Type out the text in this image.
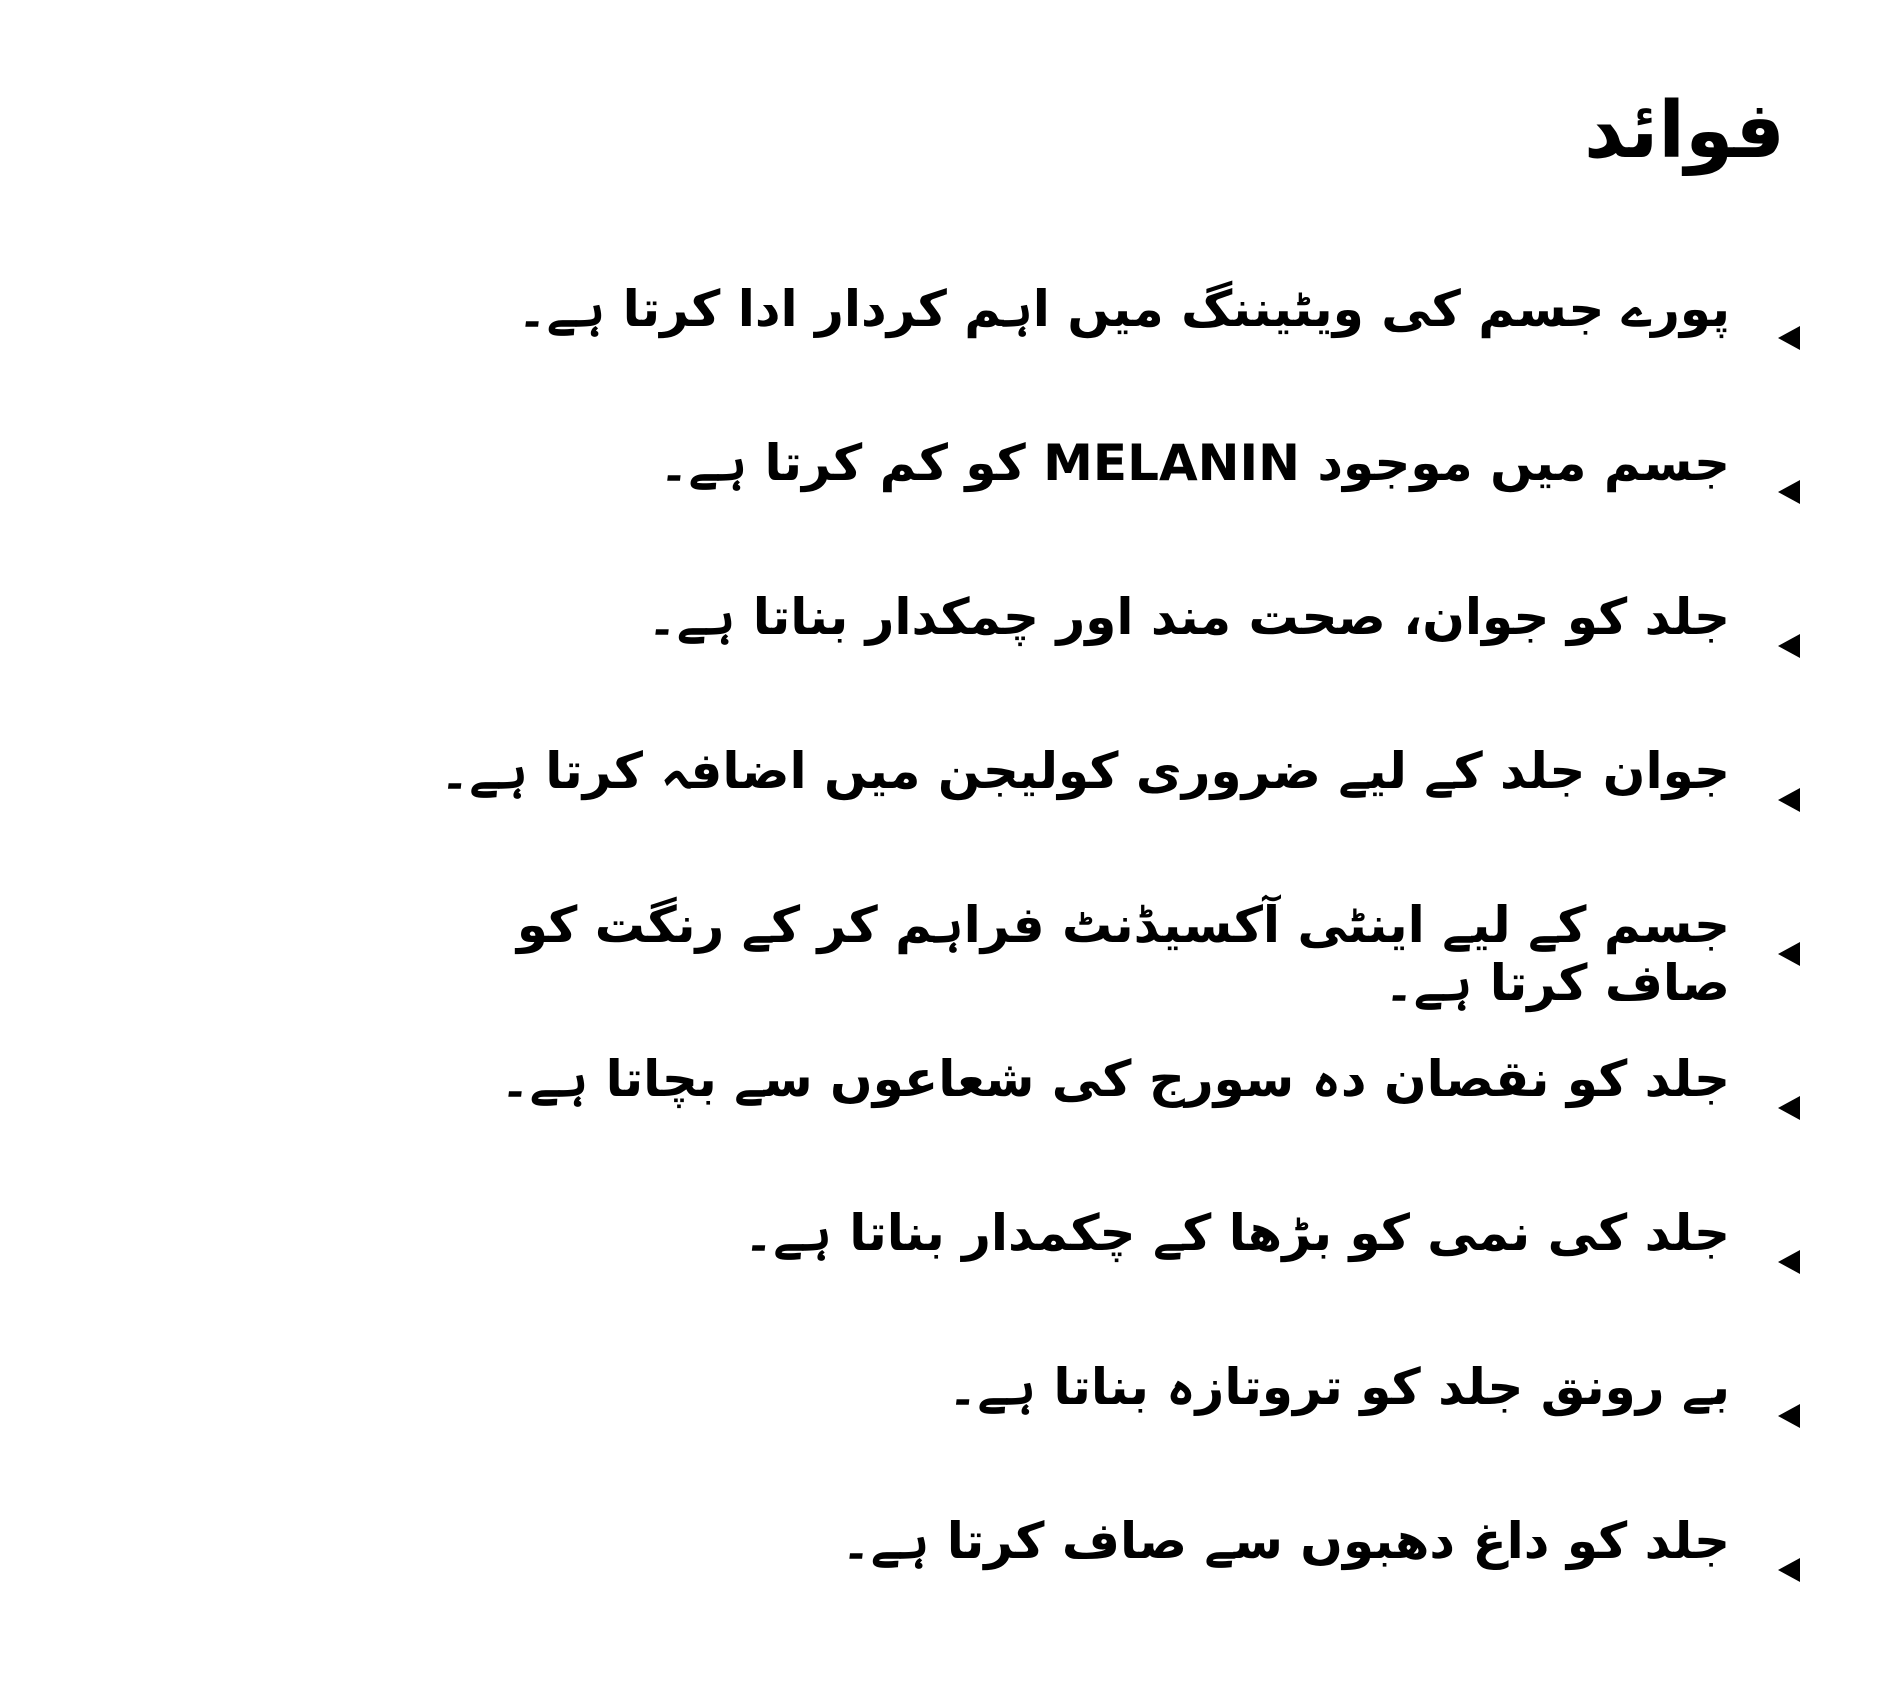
فوائد
پورے جسم کی ویٹیننگ میں اہم کردار ادا کرتا ہے۔
جسم میں موجود MELANIN کو کم کرتا ہے۔
جلد کو جوان، صحت مند اور چمکدار بناتا ہے۔
جوان جلد کے لیے ضروری کولیجن میں اضافہ کرتا ہے۔
جسم کے لیے اینٹی آکسیڈنٹ فراہم کر کے رنگت کو صاف کرتا ہے۔
جلد کو نقصان دہ سورج کی شعاعوں سے بچاتا ہے۔
جلد کی نمی کو بڑھا کے چکمدار بناتا ہے۔
بے رونق جلد کو تروتازہ بناتا ہے۔
جلد کو داغ دھبوں سے صاف کرتا ہے۔
